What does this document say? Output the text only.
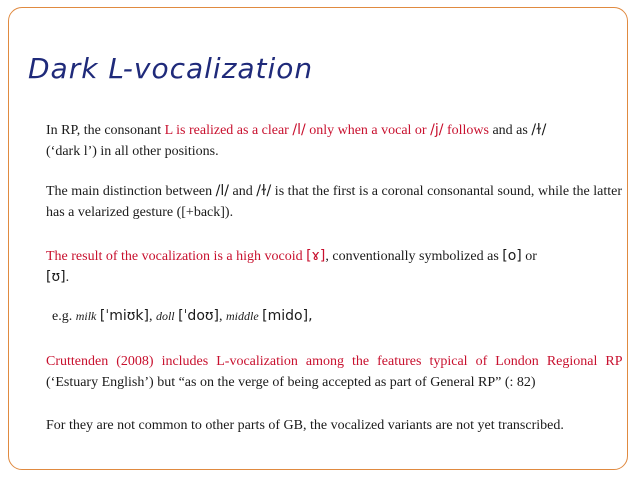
Dark L-vocalization

In RP, the consonant L is realized as a clear /l/ only when a vocal or /j/ follows and as /ɫ/
(‘dark l’) in all other positions.

The main distinction between /l/ and /ɫ/ is that the first is a coronal consonantal sound, while the latter has a velarized gesture ([+back]).

The result of the vocalization is a high vocoid [ɤ], conventionally symbolized as [o] or
[ʊ].

e.g. milk [ˈmiʊk], doll [ˈdoʊ], middle [mido],

Cruttenden (2008) includes L-vocalization among the features typical of London Regional RP (‘Estuary English’) but “as on the verge of being accepted as part of General RP” (: 82)

For they are not common to other parts of GB, the vocalized variants are not yet transcribed.
